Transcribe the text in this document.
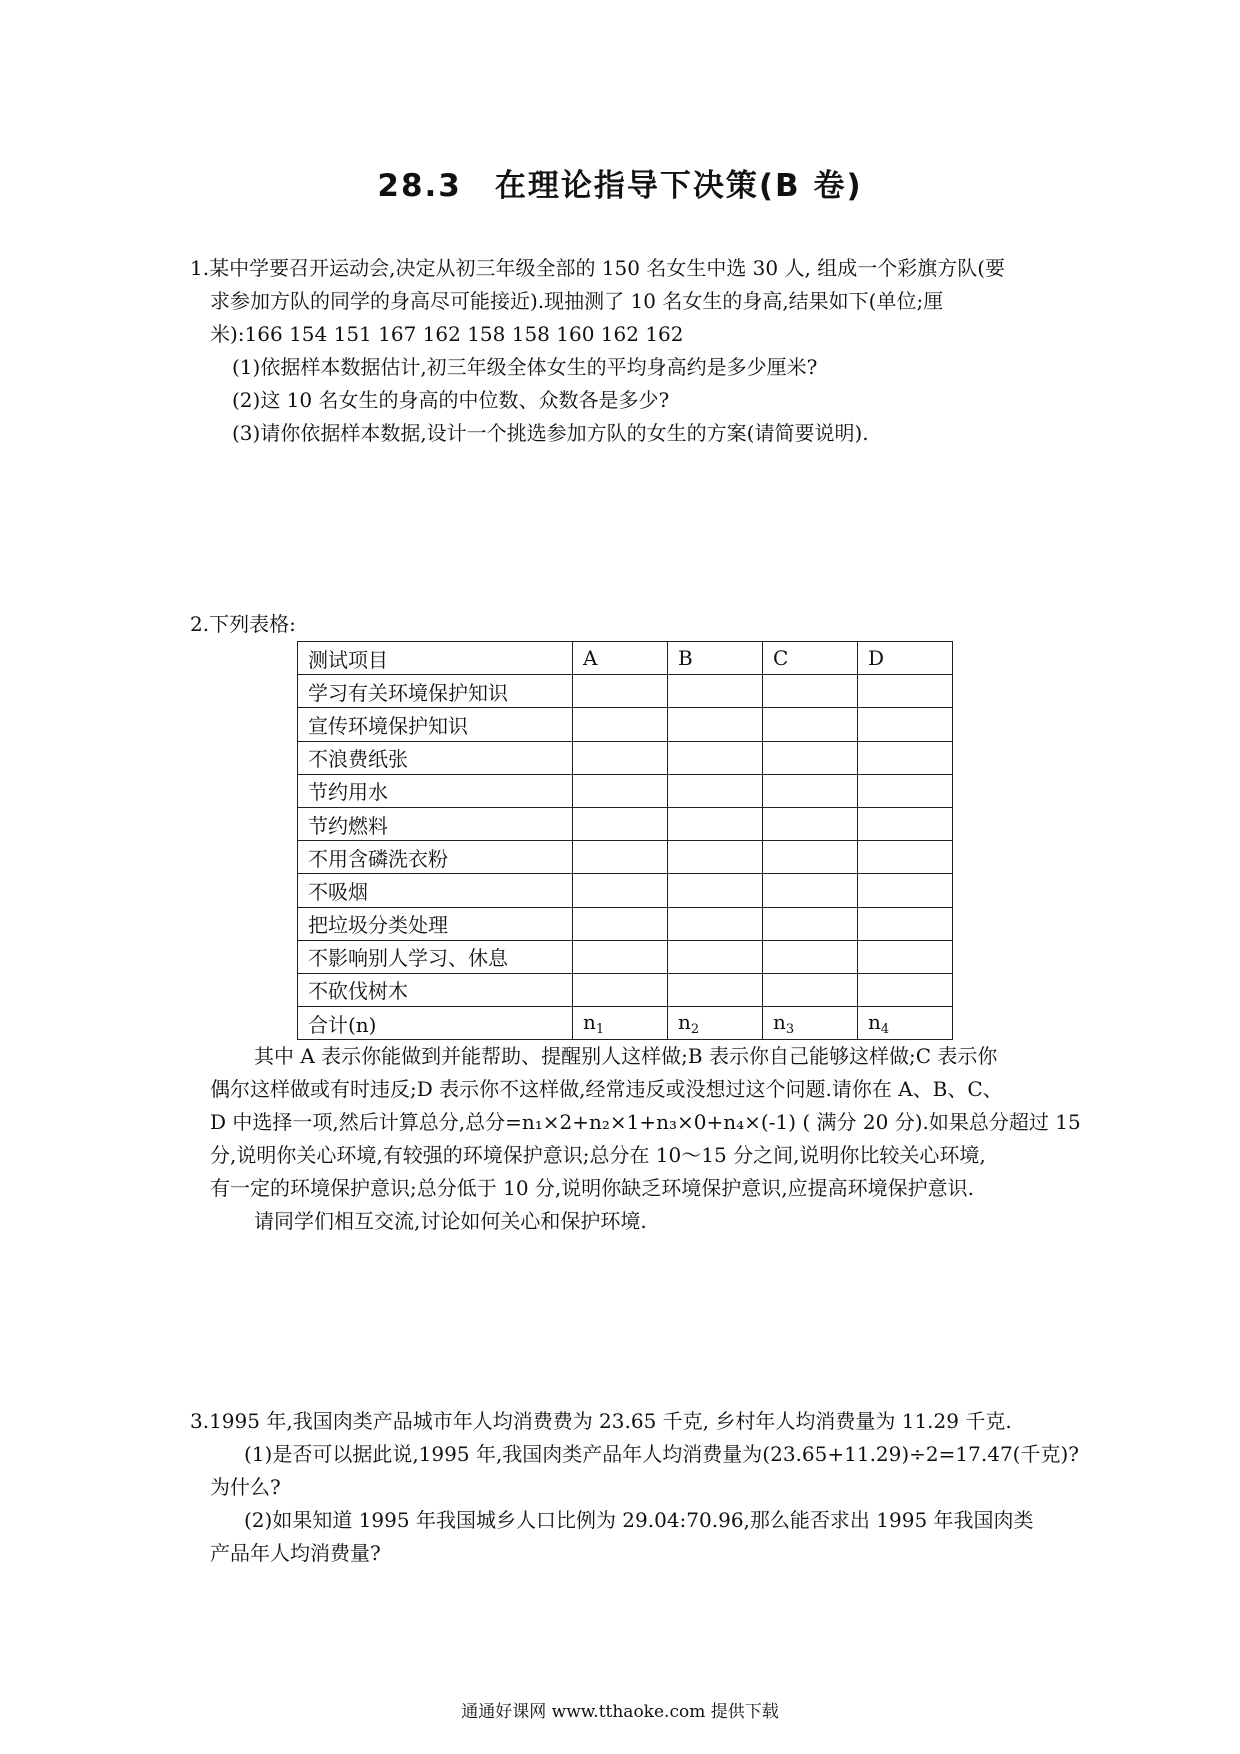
28.3　在理论指导下决策(B 卷)

1.某中学要召开运动会,决定从初三年级全部的 150 名女生中选 30 人, 组成一个彩旗方队(要

求参加方队的同学的身高尽可能接近).现抽测了 10 名女生的身高,结果如下(单位;厘

米):166 154 151 167 162 158 158 160 162 162

(1)依据样本数据估计,初三年级全体女生的平均身高约是多少厘米?

(2)这 10 名女生的身高的中位数、众数各是多少?

(3)请你依据样本数据,设计一个挑选参加方队的女生的方案(请简要说明).

2.下列表格:

测试项目	A	B	C	D
学习有关环境保护知识				
宣传环境保护知识				
不浪费纸张				
节约用水				
节约燃料				
不用含磷洗衣粉				
不吸烟				
把垃圾分类处理				
不影响别人学习、休息				
不砍伐树木				
合计(n)	$n_1$	$n_2$	$n_3$	$n_4$

其中 A 表示你能做到并能帮助、提醒别人这样做;B 表示你自己能够这样做;C 表示你

偶尔这样做或有时违反;D 表示你不这样做,经常违反或没想过这个问题.请你在 A、B、C、

D 中选择一项,然后计算总分,总分=n₁×2+n₂×1+n₃×0+n₄×(-1) ( 满分 20 分).如果总分超过 15

分,说明你关心环境,有较强的环境保护意识;总分在 10～15 分之间,说明你比较关心环境,

有一定的环境保护意识;总分低于 10 分,说明你缺乏环境保护意识,应提高环境保护意识.

请同学们相互交流,讨论如何关心和保护环境.

3.1995 年,我国肉类产品城市年人均消费费为 23.65 千克, 乡村年人均消费量为 11.29 千克.

(1)是否可以据此说,1995 年,我国肉类产品年人均消费量为(23.65+11.29)÷2=17.47(千克)?

为什么?

(2)如果知道 1995 年我国城乡人口比例为 29.04:70.96,那么能否求出 1995 年我国肉类

产品年人均消费量?

通通好课网 www.tthaoke.com 提供下载
